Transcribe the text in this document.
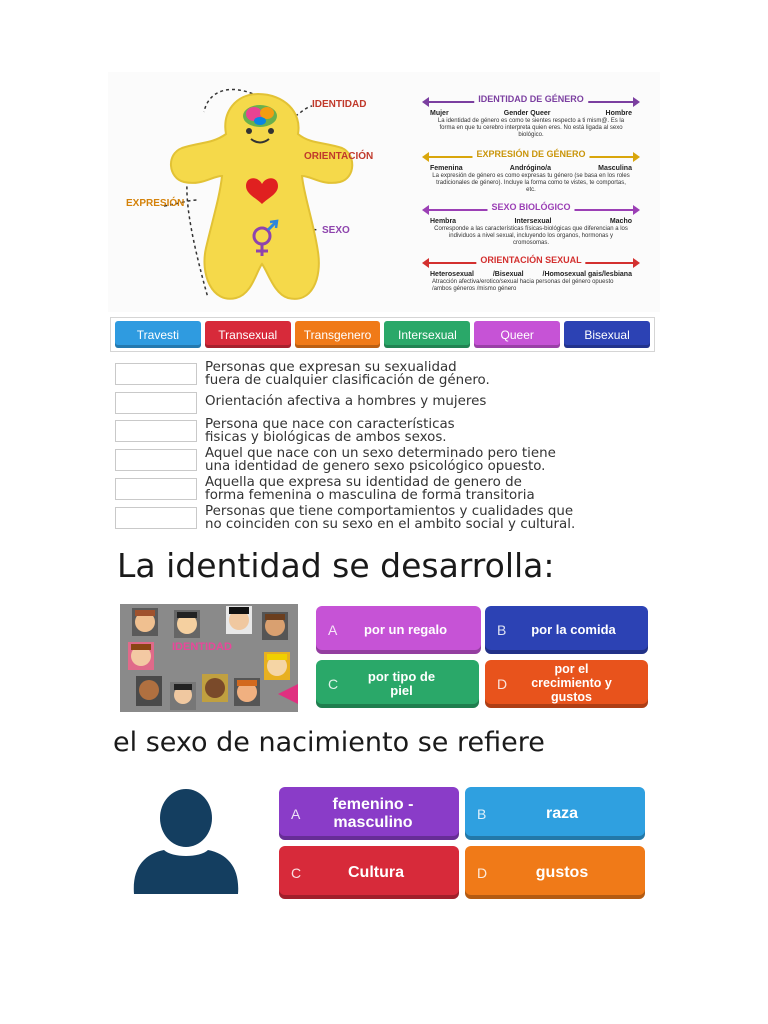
IDENTIDAD
ORIENTACIÓN
EXPRESIÓN
SEXO
IDENTIDAD DE GÉNERO
Mujer	Gender Queer	Hombre
La identidad de género es como te sientes respecto a ti mism@. Es la forma en que tu cerebro interpreta quien eres. No está ligada al sexo biológico.
EXPRESIÓN DE GÉNERO
Femenina	Andrógino/a	Masculina
La expresión de género es como expresas tu género (se basa en los roles tradicionales de género). Incluye la forma como te vistes, te comportas, etc.
SEXO BIOLÓGICO
Hembra	Intersexual	Macho
Corresponde a las características físicas-biológicas que diferencian a los individuos a nivel sexual, incluyendo los organos, hormonas y cromosomas.
ORIENTACIÓN SEXUAL
Heterosexual	/Bisexual	/Homosexual gais/lesbiana
Atracción afectiva/erotico/sexual hacia personas del género opuesto /ambos géneros /mismo género
Travesti	Transexual	Transgenero	Intersexual	Queer	Bisexual
Personas que expresan su sexualidad
fuera de cualquier clasificación de género.
Orientación afectiva a hombres y mujeres
Persona que nace con características
fisicas y biológicas de ambos sexos.
Aquel que nace con un sexo determinado pero tiene
una identidad de genero sexo psicológico opuesto.
Aquella que expresa su identidad de genero de
forma femenina o masculina de forma transitoria
Personas que tiene comportamientos y cualidades que
no coinciden con su sexo en el ambito social y cultural.
La identidad se desarrolla:
IDENTIDAD
A	por un regalo	B	por la comida
C	por tipo de piel	D
por el crecimiento y gustos
el sexo de nacimiento se refiere
A
femenino - masculino	B	raza
C	Cultura	D	gustos
